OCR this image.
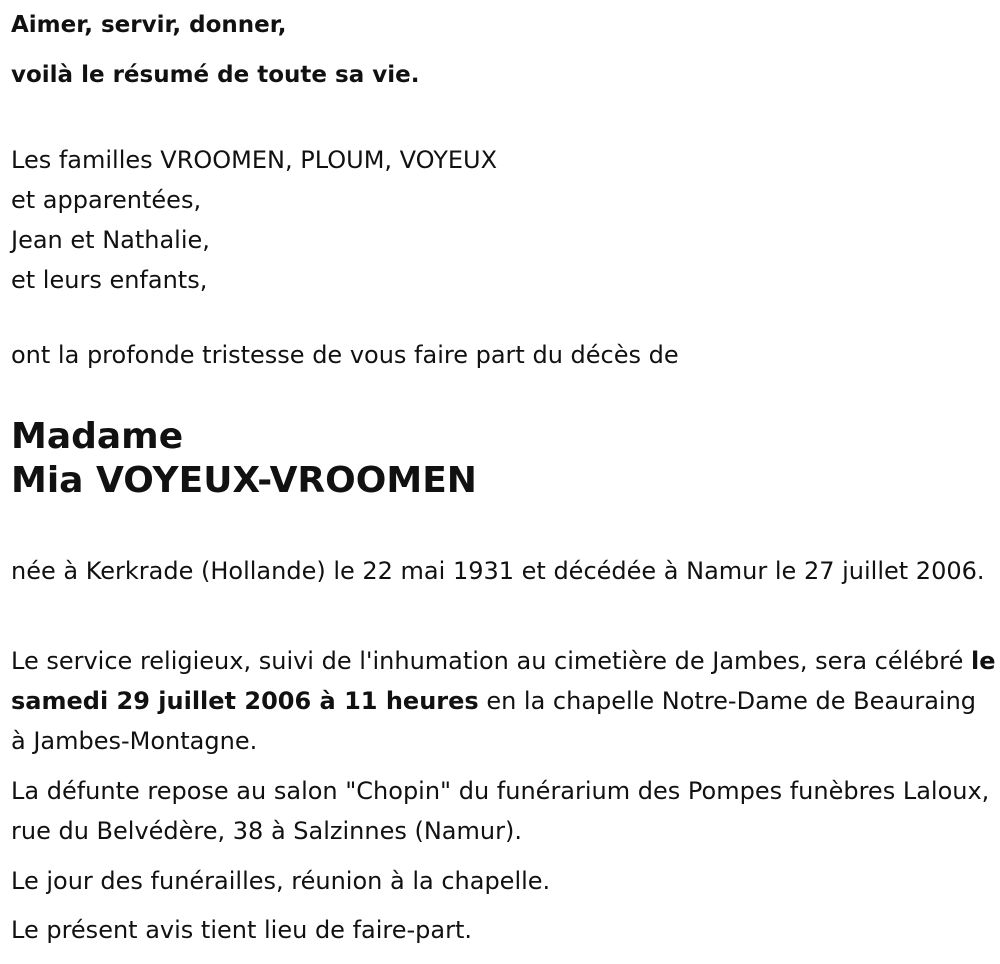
Aimer, servir, donner,
voilà le résumé de toute sa vie.
Les familles VROOMEN, PLOUM, VOYEUX
et apparentées,
Jean et Nathalie,
et leurs enfants,
ont la profonde tristesse de vous faire part du décès de
Madame
Mia VOYEUX-VROOMEN
née à Kerkrade (Hollande) le 22 mai 1931 et décédée à Namur le 27 juillet 2006.
Le service religieux, suivi de l'inhumation au cimetière de Jambes, sera célébré le samedi 29 juillet 2006 à 11 heures en la chapelle Notre-Dame de Beauraing à Jambes-Montagne.
La défunte repose au salon "Chopin" du funérarium des Pompes funèbres Laloux, rue du Belvédère, 38 à Salzinnes (Namur).
Le jour des funérailles, réunion à la chapelle.
Le présent avis tient lieu de faire-part.
